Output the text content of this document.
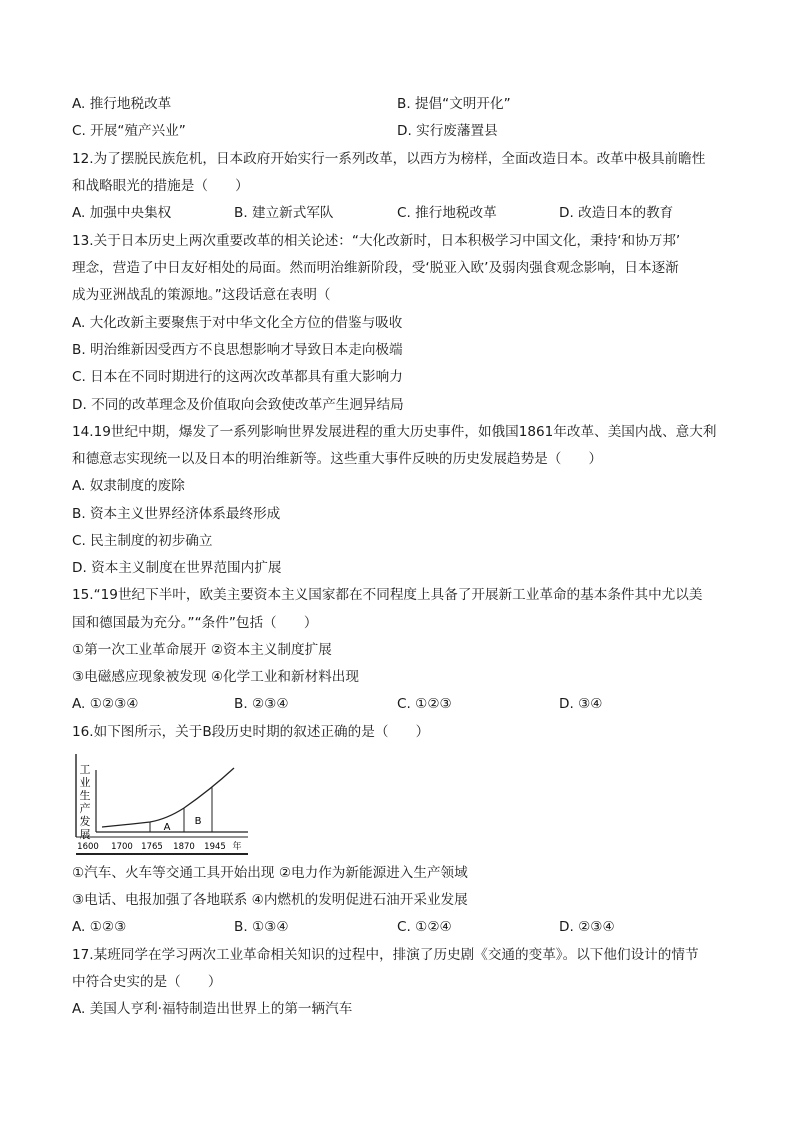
A. 推行地税改革	B. 提倡“文明开化”
C. 开展“殖产兴业”	D. 实行废藩置县
12.为了摆脱民族危机，日本政府开始实行一系列改革，以西方为榜样，全面改造日本。改革中极具前瞻性
和战略眼光的措施是（　　）
A. 加强中央集权	B. 建立新式军队	C. 推行地税改革	D. 改造日本的教育
13.关于日本历史上两次重要改革的相关论述：“大化改新时，日本积极学习中国文化，秉持‘和协万邦’
理念，营造了中日友好相处的局面。然而明治维新阶段，受‘脱亚入欧’及弱肉强食观念影响，日本逐渐
成为亚洲战乱的策源地。”这段话意在表明（
A. 大化改新主要聚焦于对中华文化全方位的借鉴与吸收
B. 明治维新因受西方不良思想影响才导致日本走向极端
C. 日本在不同时期进行的这两次改革都具有重大影响力
D. 不同的改革理念及价值取向会致使改革产生迥异结局
14.19世纪中期，爆发了一系列影响世界发展进程的重大历史事件，如俄国1861年改革、美国内战、意大利
和德意志实现统一以及日本的明治维新等。这些重大事件反映的历史发展趋势是（　　）
A. 奴隶制度的废除
B. 资本主义世界经济体系最终形成
C. 民主制度的初步确立
D. 资本主义制度在世界范围内扩展
15.“19世纪下半叶，欧美主要资本主义国家都在不同程度上具备了开展新工业革命的基本条件其中尤以美
国和德国最为充分。”“条件”包括（　　）
①第一次工业革命展开 ②资本主义制度扩展
③电磁感应现象被发现 ④化学工业和新材料出现
A. ①②③④	B. ②③④	C. ①②③	D. ③④
16.如下图所示，关于B段历史时期的叙述正确的是（　　）
工
业
生
产
发
展
A
B
1600 1700 1765 1870 1945 年
①汽车、火车等交通工具开始出现 ②电力作为新能源进入生产领域
③电话、电报加强了各地联系 ④内燃机的发明促进石油开采业发展
A. ①②③	B. ①③④	C. ①②④	D. ②③④
17.某班同学在学习两次工业革命相关知识的过程中，排演了历史剧《交通的变革》。以下他们设计的情节
中符合史实的是（　　）
A. 美国人亨利·福特制造出世界上的第一辆汽车
